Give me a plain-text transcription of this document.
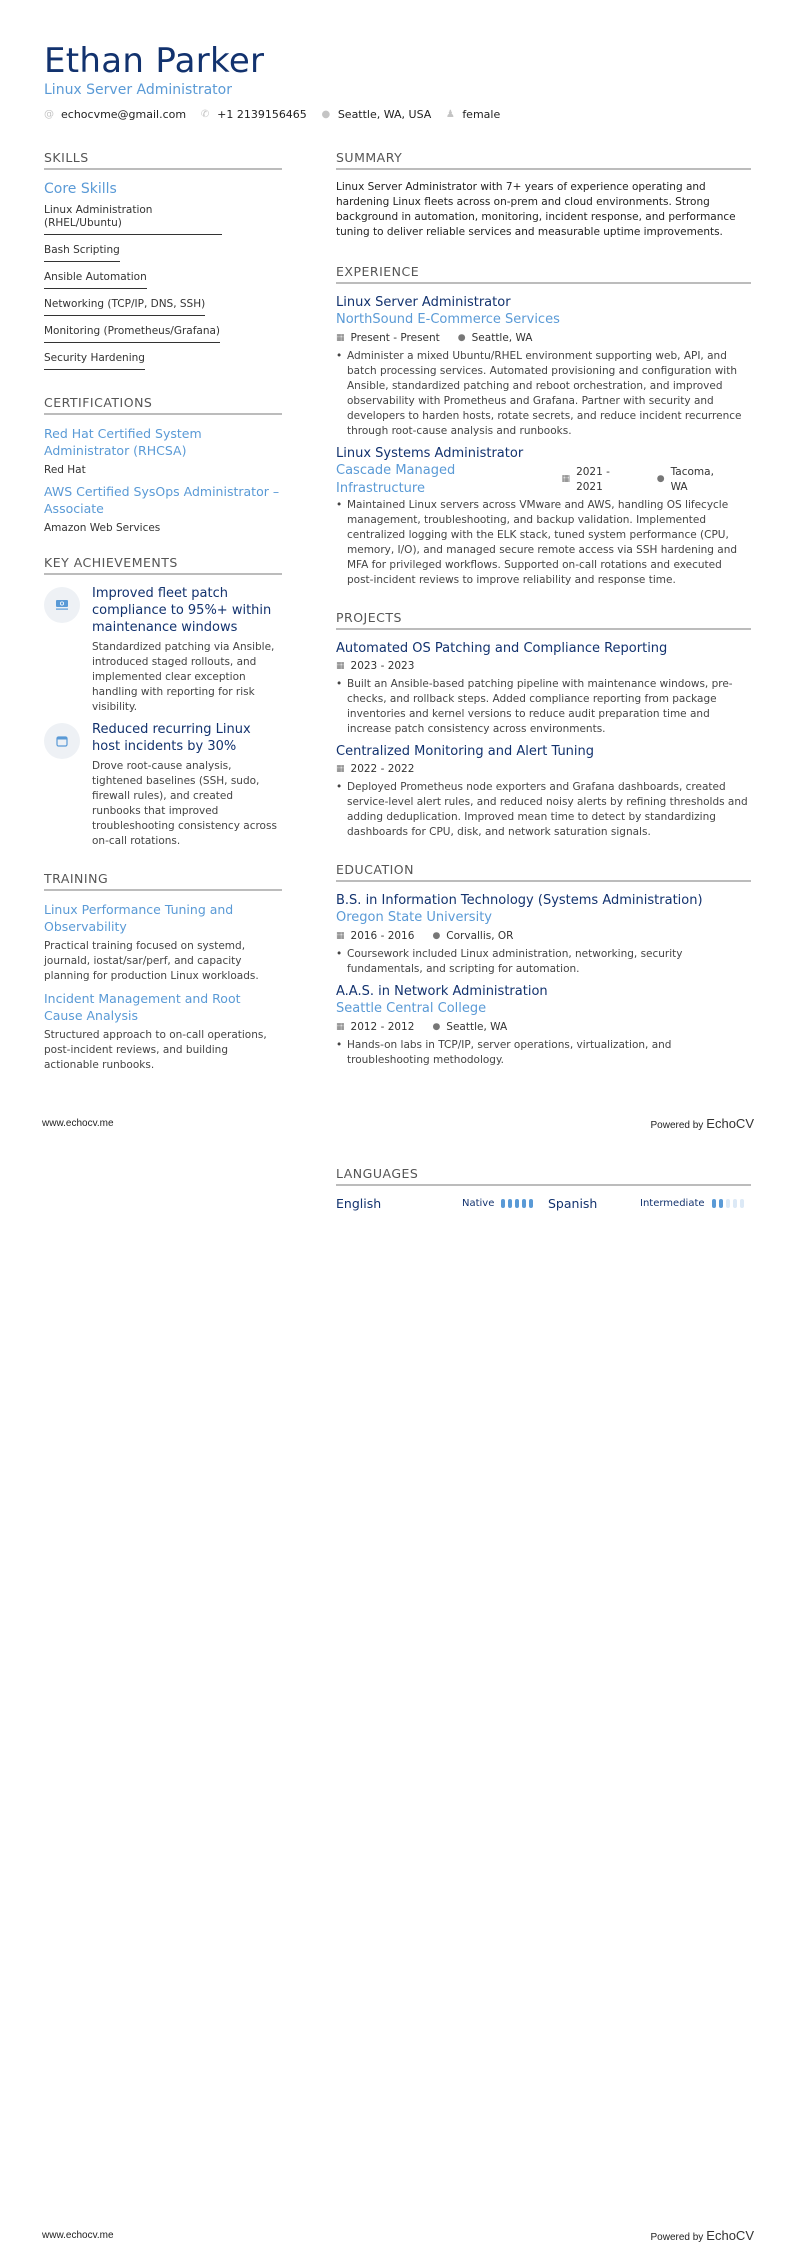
Ethan Parker
Linux Server Administrator
@ echocvme@gmail.com ✆ +1 2139156465 ● Seattle, WA, USA ♟ female
SKILLS
Core Skills
Linux Administration (RHEL/Ubuntu)
Bash Scripting
Ansible Automation
Networking (TCP/IP, DNS, SSH)
Monitoring (Prometheus/Grafana)
Security Hardening
CERTIFICATIONS
Red Hat Certified System Administrator (RHCSA)
Red Hat
AWS Certified SysOps Administrator – Associate
Amazon Web Services
KEY ACHIEVEMENTS
Improved fleet patch compliance to 95%+ within maintenance windows
Standardized patching via Ansible, introduced staged rollouts, and implemented clear exception handling with reporting for risk visibility.
Reduced recurring Linux host incidents by 30%
Drove root-cause analysis, tightened baselines (SSH, sudo, firewall rules), and created runbooks that improved troubleshooting consistency across on-call rotations.
TRAINING
Linux Performance Tuning and Observability
Practical training focused on systemd, journald, iostat/sar/perf, and capacity planning for production Linux workloads.
Incident Management and Root Cause Analysis
Structured approach to on-call operations, post-incident reviews, and building actionable runbooks.
SUMMARY
Linux Server Administrator with 7+ years of experience operating and hardening Linux fleets across on-prem and cloud environments. Strong background in automation, monitoring, incident response, and performance tuning to deliver reliable services and measurable uptime improvements.
EXPERIENCE
Linux Server Administrator
NorthSound E-Commerce Services
▦ Present - Present ● Seattle, WA
• Administer a mixed Ubuntu/RHEL environment supporting web, API, and batch processing services. Automated provisioning and configuration with Ansible, standardized patching and reboot orchestration, and improved observability with Prometheus and Grafana. Partner with security and developers to harden hosts, rotate secrets, and reduce incident recurrence through root-cause analysis and runbooks.
Linux Systems Administrator
Cascade Managed Infrastructure
▦
2021 - 2021
●
Tacoma, WA
• Maintained Linux servers across VMware and AWS, handling OS lifecycle management, troubleshooting, and backup validation. Implemented centralized logging with the ELK stack, tuned system performance (CPU, memory, I/O), and managed secure remote access via SSH hardening and MFA for privileged workflows. Supported on-call rotations and executed post-incident reviews to improve reliability and response time.
PROJECTS
Automated OS Patching and Compliance Reporting
▦ 2023 - 2023
• Built an Ansible-based patching pipeline with maintenance windows, pre-checks, and rollback steps. Added compliance reporting from package inventories and kernel versions to reduce audit preparation time and increase patch consistency across environments.
Centralized Monitoring and Alert Tuning
▦ 2022 - 2022
• Deployed Prometheus node exporters and Grafana dashboards, created service-level alert rules, and reduced noisy alerts by refining thresholds and adding deduplication. Improved mean time to detect by standardizing dashboards for CPU, disk, and network saturation signals.
EDUCATION
B.S. in Information Technology (Systems Administration)
Oregon State University
▦ 2016 - 2016 ● Corvallis, OR
• Coursework included Linux administration, networking, security fundamentals, and scripting for automation.
A.A.S. in Network Administration
Seattle Central College
▦ 2012 - 2012 ● Seattle, WA
• Hands-on labs in TCP/IP, server operations, virtualization, and troubleshooting methodology.
www.echocv.me	Powered by EchoCV
LANGUAGES
English	Native	Spanish	Intermediate
www.echocv.me	Powered by EchoCV
